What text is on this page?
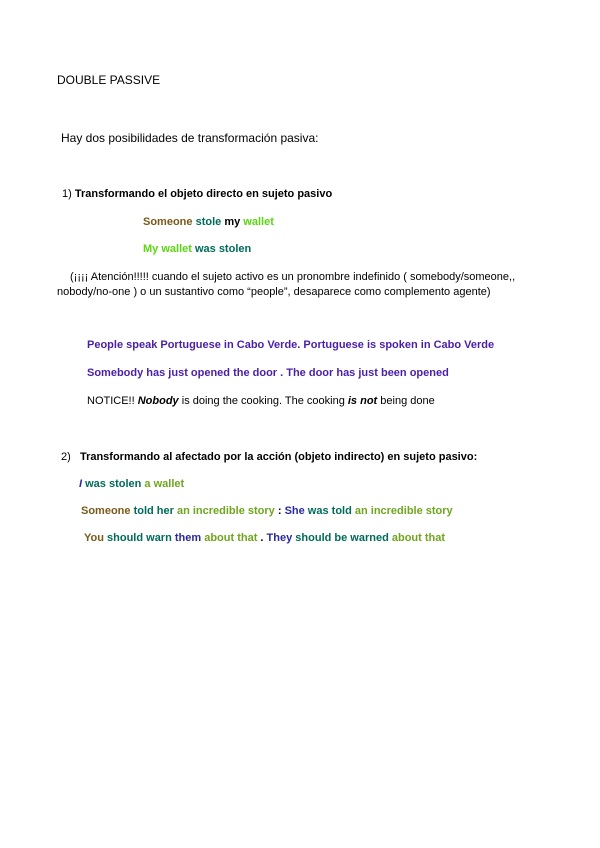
DOUBLE PASSIVE
Hay dos posibilidades de transformación pasiva:
1) Transformando el objeto directo en sujeto pasivo
Someone stole my wallet
My wallet was stolen
(¡¡¡¡ Atención!!!!! cuando el sujeto activo es un pronombre indefinido ( somebody/someone,,
nobody/no-one ) o un sustantivo como “people”, desaparece como complemento agente)
People speak Portuguese in Cabo Verde. Portuguese is spoken in Cabo Verde
Somebody has just opened the door . The door has just been opened
NOTICE!! Nobody is doing the cooking. The cooking is not being done
2) Transformando al afectado por la acción (objeto indirecto) en sujeto pasivo:
I was stolen a wallet
Someone told her an incredible story : She was told an incredible story
You should warn them about that . They should be warned about that
